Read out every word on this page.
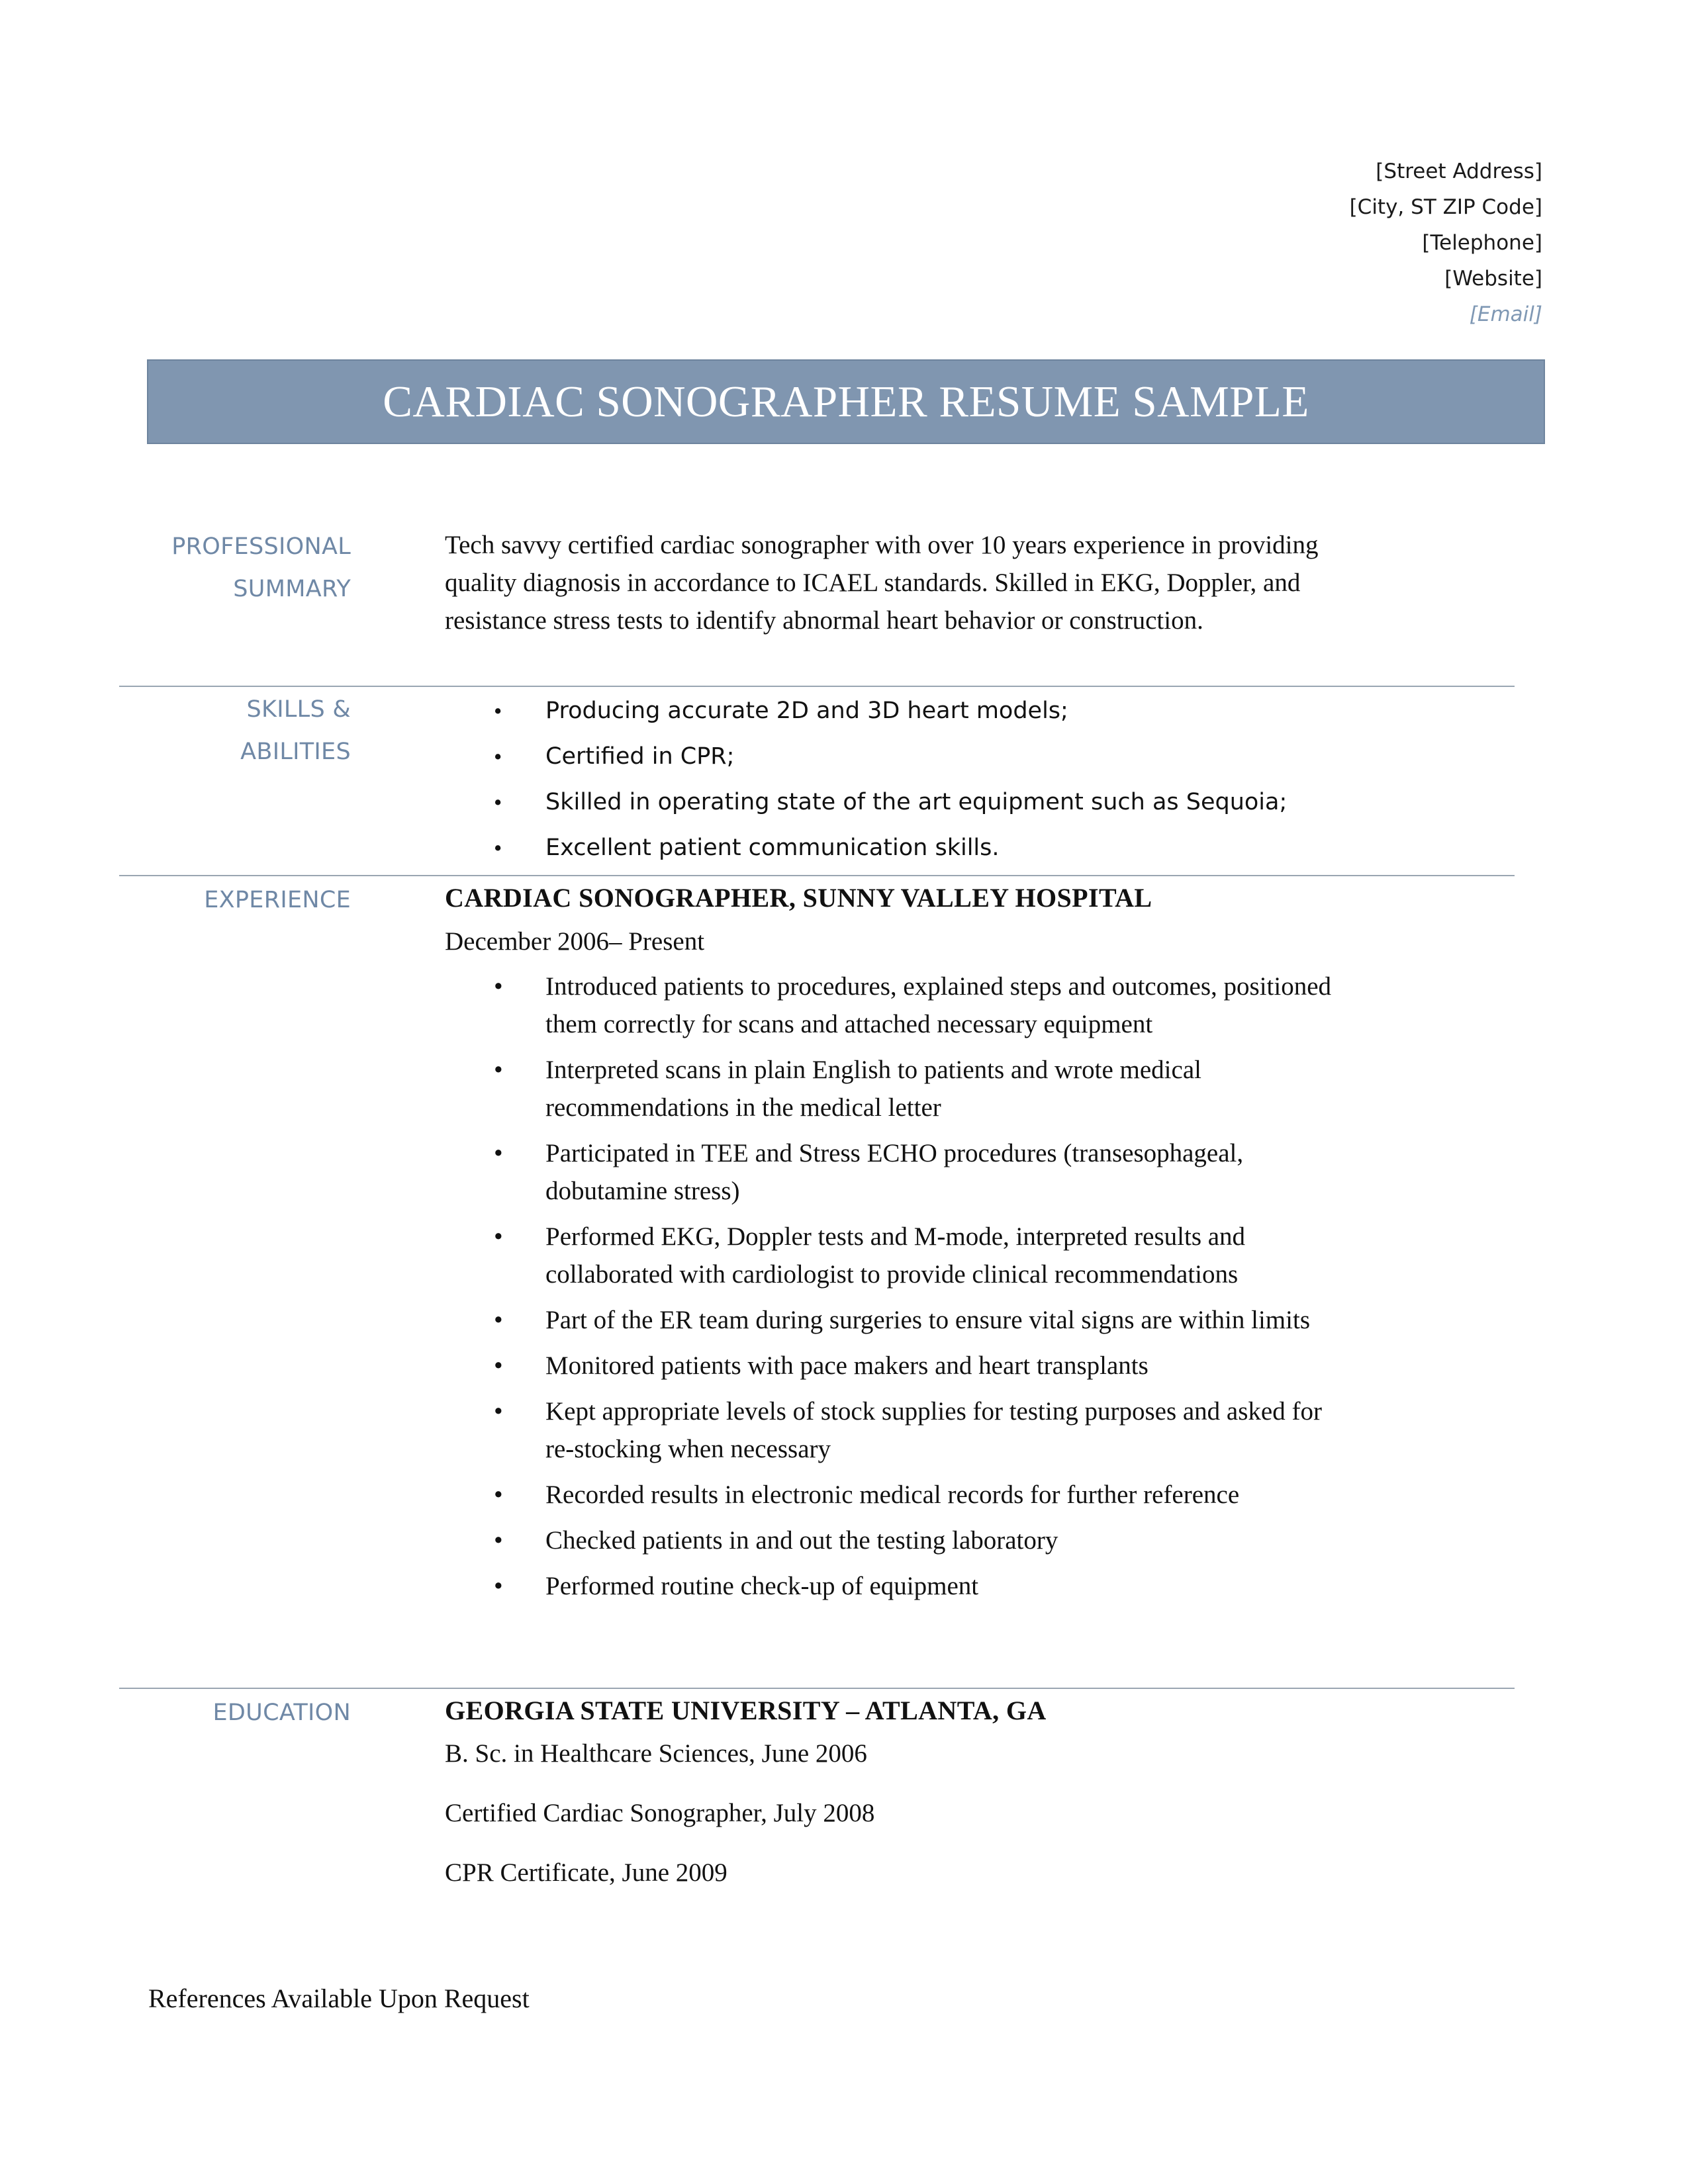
[Street Address]
[City, ST ZIP Code]
[Telephone]
[Website]
[Email]
CARDIAC SONOGRAPHER RESUME SAMPLE
PROFESSIONAL
SUMMARY

Tech savvy certified cardiac sonographer with over 10 years experience in providing quality diagnosis in accordance to ICAEL standards. Skilled in EKG, Doppler, and resistance stress tests to identify abnormal heart behavior or construction.

SKILLS & ABILITIES
• Producing accurate 2D and 3D heart models;
• Certified in CPR;
• Skilled in operating state of the art equipment such as Sequoia;
• Excellent patient communication skills.
EXPERIENCE	CARDIAC SONOGRAPHER, SUNNY VALLEY HOSPITAL

December 2006– Present

• Introduced patients to procedures, explained steps and outcomes, positioned them correctly for scans and attached necessary equipment
• Interpreted scans in plain English to patients and wrote medical recommendations in the medical letter
• Participated in TEE and Stress ECHO procedures (transesophageal, dobutamine stress)
• Performed EKG, Doppler tests and M-mode, interpreted results and collaborated with cardiologist to provide clinical recommendations
• Part of the ER team during surgeries to ensure vital signs are within limits
• Monitored patients with pace makers and heart transplants
• Kept appropriate levels of stock supplies for testing purposes and asked for re-stocking when necessary
• Recorded results in electronic medical records for further reference
• Checked patients in and out the testing laboratory
• Performed routine check-up of equipment
EDUCATION	GEORGIA STATE UNIVERSITY – ATLANTA, GA

B. Sc. in Healthcare Sciences, June 2006

Certified Cardiac Sonographer, July 2008

CPR Certificate, June 2009

References Available Upon Request
